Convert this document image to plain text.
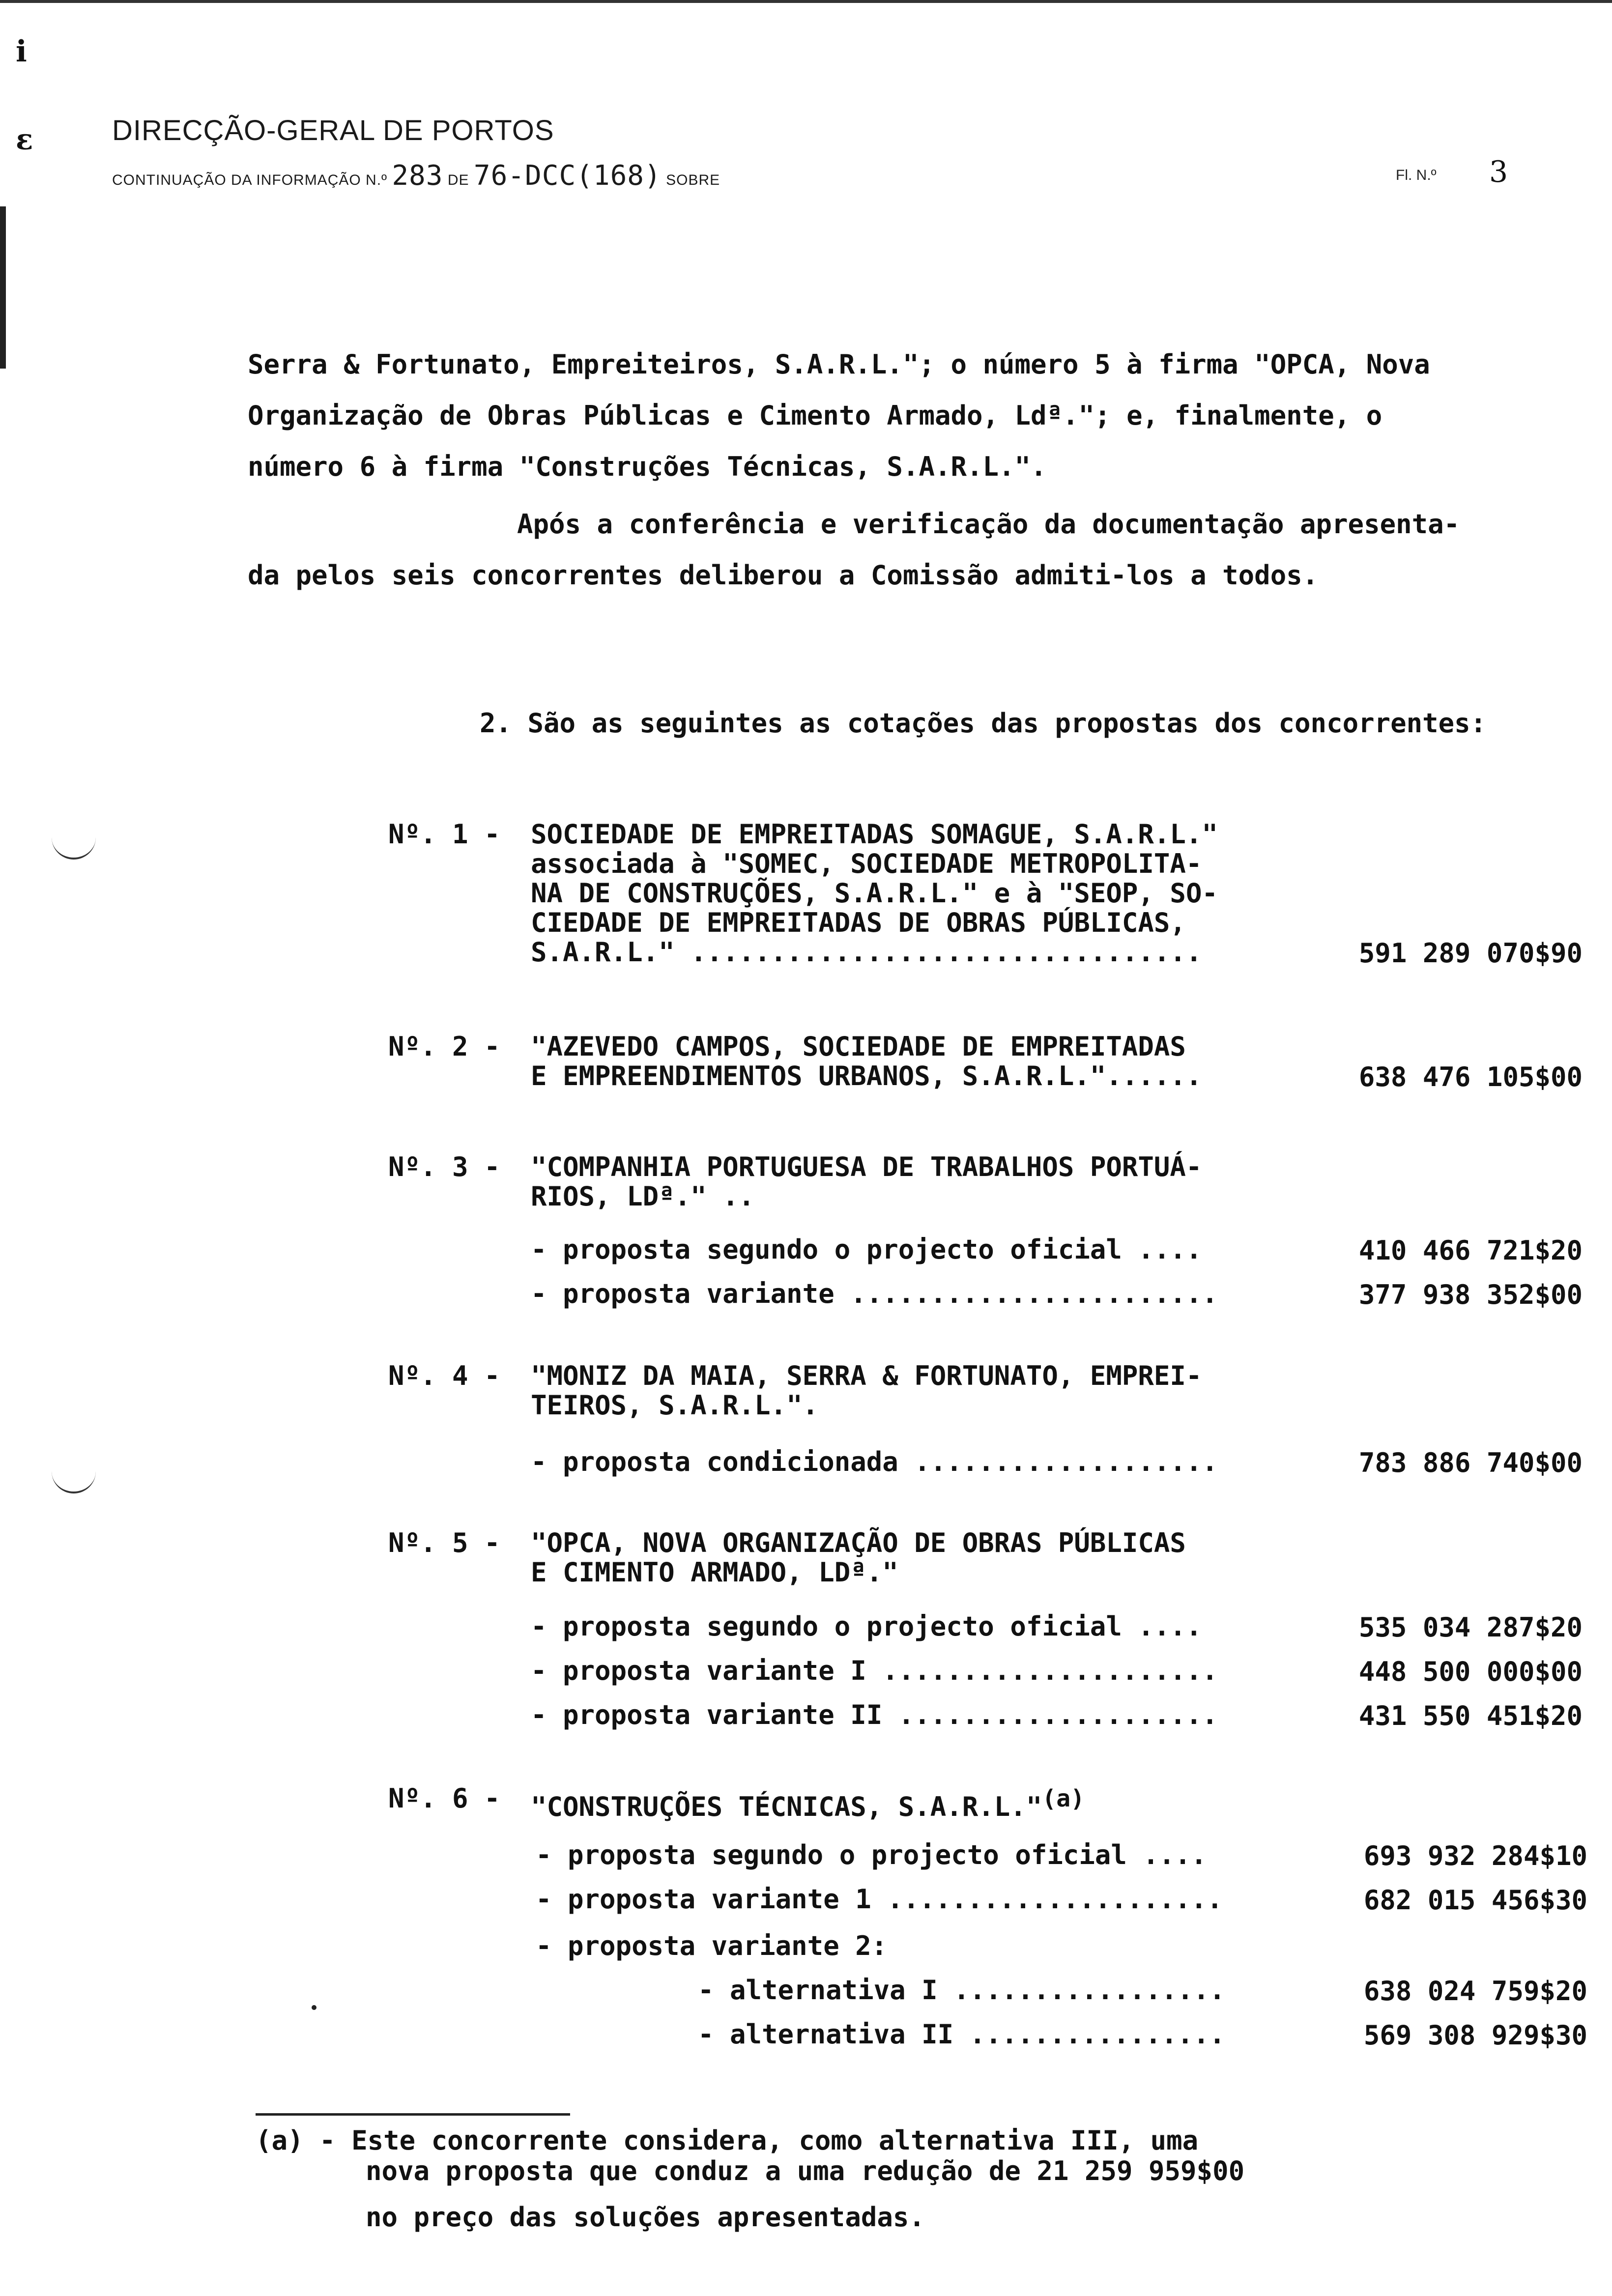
i
ɛ	DIRECÇÃO-GERAL DE PORTOS
CONTINUAÇÃO DA INFORMAÇÃO N.º 283 DE 76-DCC(168) SOBRE	Fl. N.º 3
Serra & Fortunato, Empreiteiros, S.A.R.L."; o número 5 à firma "OPCA, Nova
Organização de Obras Públicas e Cimento Armado, Ldª."; e, finalmente, o
número 6 à firma "Construções Técnicas, S.A.R.L.".
Após a conferência e verificação da documentação apresenta-
da pelos seis concorrentes deliberou a Comissão admiti-los a todos.
2. São as seguintes as cotações das propostas dos concorrentes:
Nº. 1 - SOCIEDADE DE EMPREITADAS SOMAGUE, S.A.R.L."
associada à "SOMEC, SOCIEDADE METROPOLITA-
NA DE CONSTRUÇÕES, S.A.R.L." e à "SEOP, SO-
CIEDADE DE EMPREITADAS DE OBRAS PÚBLICAS,
S.A.R.L." ................................	591 289 070$90
Nº. 2 - "AZEVEDO CAMPOS, SOCIEDADE DE EMPREITADAS
E EMPREENDIMENTOS URBANOS, S.A.R.L."......	638 476 105$00
Nº. 3 - "COMPANHIA PORTUGUESA DE TRABALHOS PORTUÁ-
RIOS, LDª." ..
- proposta segundo o projecto oficial ....	410 466 721$20
- proposta variante .......................	377 938 352$00
Nº. 4 - "MONIZ DA MAIA, SERRA & FORTUNATO, EMPREI-
TEIROS, S.A.R.L.".
- proposta condicionada ...................	783 886 740$00
Nº. 5 - "OPCA, NOVA ORGANIZAÇÃO DE OBRAS PÚBLICAS
E CIMENTO ARMADO, LDª."
- proposta segundo o projecto oficial ....	535 034 287$20
- proposta variante I .....................	448 500 000$00
- proposta variante II ....................	431 550 451$20
Nº. 6 - "CONSTRUÇÕES TÉCNICAS, S.A.R.L."$^{(a)}$
- proposta segundo o projecto oficial ....	693 932 284$10
- proposta variante 1 .....................	682 015 456$30
- proposta variante 2:
- alternativa I .................	638 024 759$20
- alternativa II ................	569 308 929$30
(a) - Este concorrente considera, como alternativa III, uma
nova proposta que conduz a uma redução de 21 259 959$00
no preço das soluções apresentadas.
